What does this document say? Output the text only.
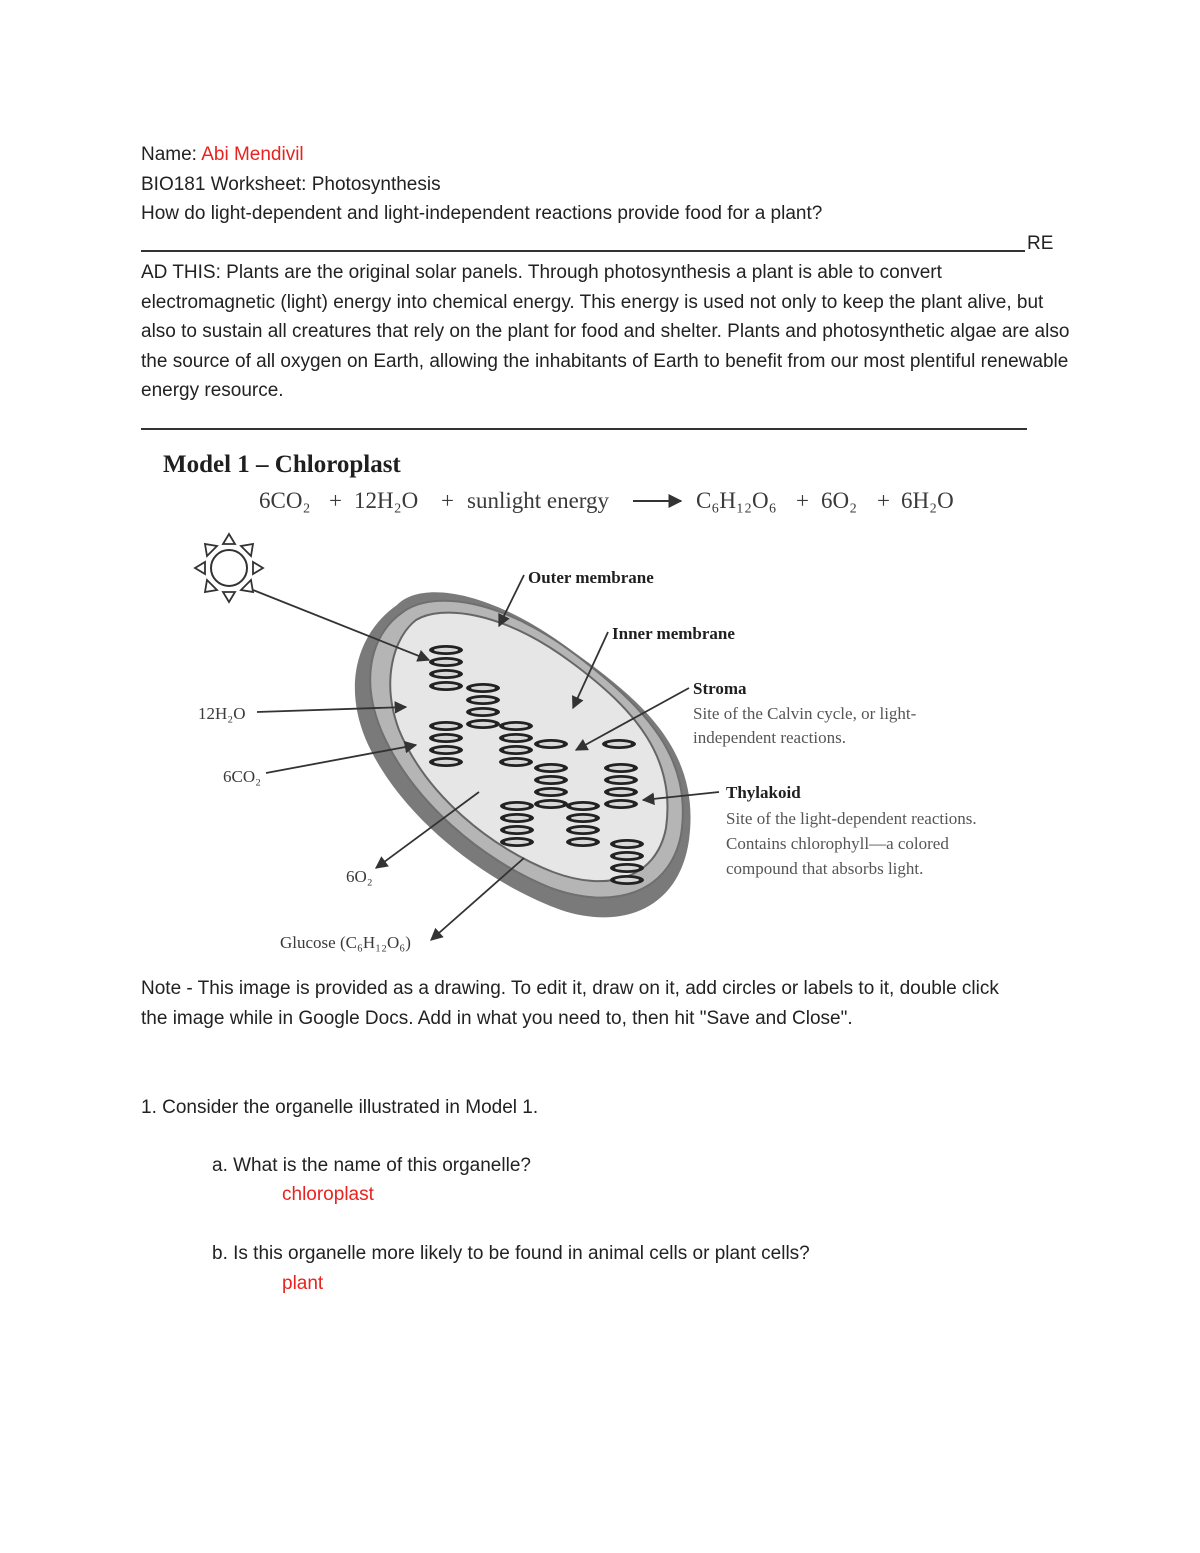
Name: Abi Mendivil
BIO181 Worksheet: Photosynthesis
How do light-dependent and light-independent reactions provide food for a plant?
RE
AD THIS: Plants are the original solar panels. Through photosynthesis a plant is able to convert electromagnetic (light) energy into chemical energy. This energy is used not only to keep the plant alive, but also to sustain all creatures that rely on the plant for food and shelter. Plants and photosynthetic algae are also the source of all oxygen on Earth, allowing the inhabitants of Earth to benefit from our most plentiful renewable energy resource.
Model 1 – Chloroplast
6CO₂ + 12H₂O + sunlight energy	C₆H₁₂O₆ + 6O₂ + 6H₂O
Outer membrane
Inner membrane
Stroma
Site of the Calvin cycle, or light-
independent reactions.
Thylakoid
Site of the light-dependent reactions.
Contains chlorophyll—a colored
compound that absorbs light.
12H₂O
6CO₂
6O₂
Glucose (C₆H₁₂O₆)
Note - This image is provided as a drawing. To edit it, draw on it, add circles or labels to it, double click the image while in Google Docs. Add in what you need to, then hit "Save and Close".
1. Consider the organelle illustrated in Model 1.
a. What is the name of this organelle?
chloroplast
b. Is this organelle more likely to be found in animal cells or plant cells?
plant
